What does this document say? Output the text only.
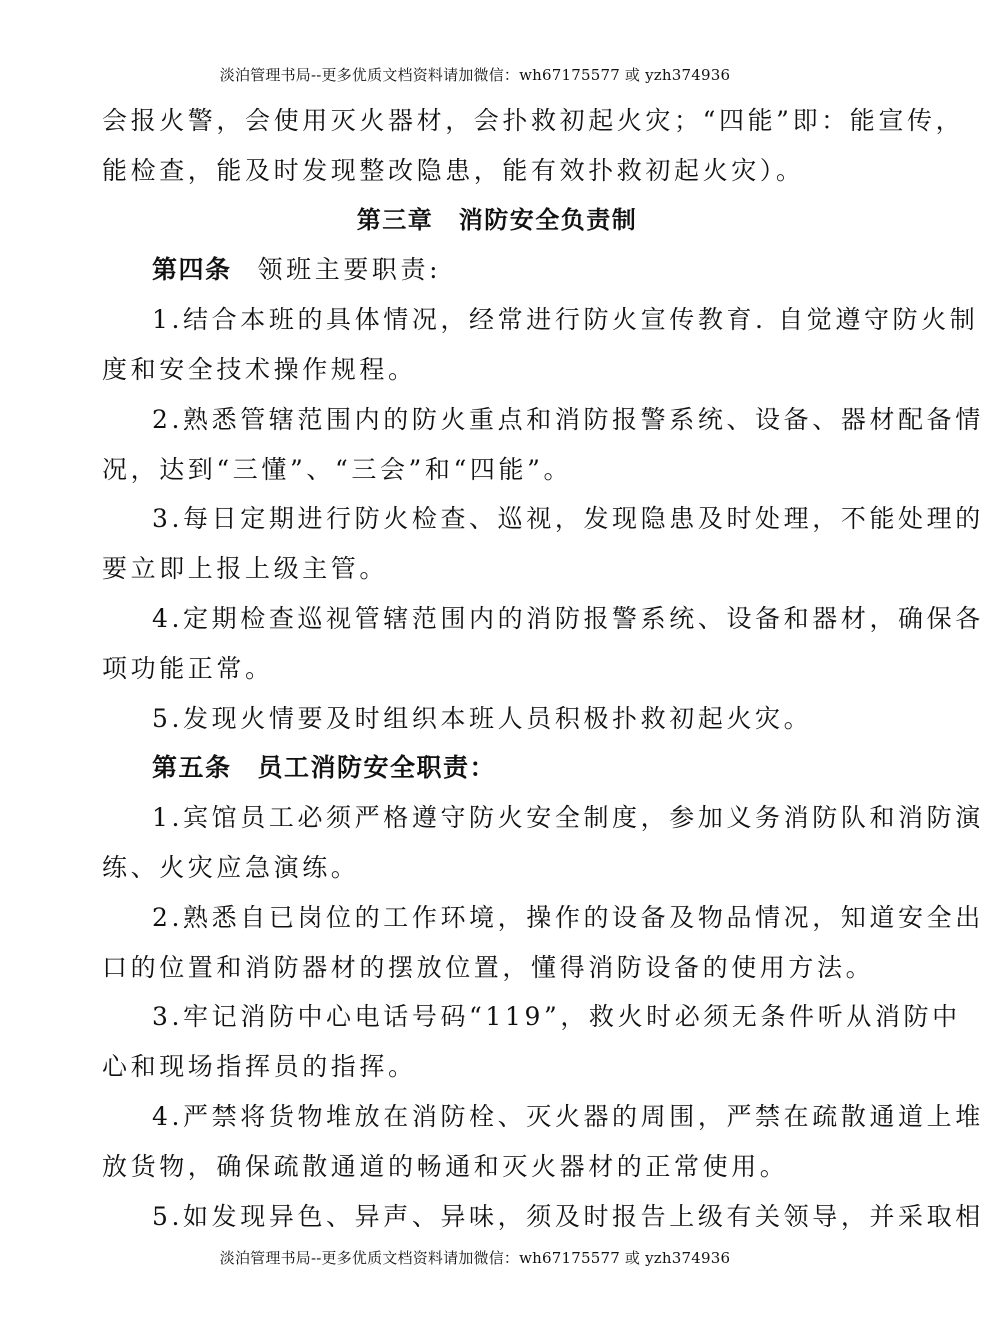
淡泊管理书局--更多优质文档资料请加微信：wh67175577 或 yzh374936
会报火警，会使用灭火器材，会扑救初起火灾；“四能”即：能宣传，
能检查，能及时发现整改隐患，能有效扑救初起火灾）。
第三章　消防安全负责制
第四条 领班主要职责:
1.结合本班的具体情况，经常进行防火宣传教育. 自觉遵守防火制
度和安全技术操作规程。
2.熟悉管辖范围内的防火重点和消防报警系统、设备、器材配备情
况，达到“三懂”、“三会”和“四能”。
3.每日定期进行防火检查、巡视，发现隐患及时处理，不能处理的
要立即上报上级主管。
4.定期检查巡视管辖范围内的消防报警系统、设备和器材，确保各
项功能正常。
5.发现火情要及时组织本班人员积极扑救初起火灾。
第五条 员工消防安全职责：
1.宾馆员工必须严格遵守防火安全制度，参加义务消防队和消防演
练、火灾应急演练。
2.熟悉自已岗位的工作环境，操作的设备及物品情况，知道安全出
口的位置和消防器材的摆放位置，懂得消防设备的使用方法。
3.牢记消防中心电话号码“119”，救火时必须无条件听从消防中
心和现场指挥员的指挥。
4.严禁将货物堆放在消防栓、灭火器的周围，严禁在疏散通道上堆
放货物，确保疏散通道的畅通和灭火器材的正常使用。
5.如发现异色、异声、异味，须及时报告上级有关领导，并采取相
淡泊管理书局--更多优质文档资料请加微信：wh67175577 或 yzh374936
